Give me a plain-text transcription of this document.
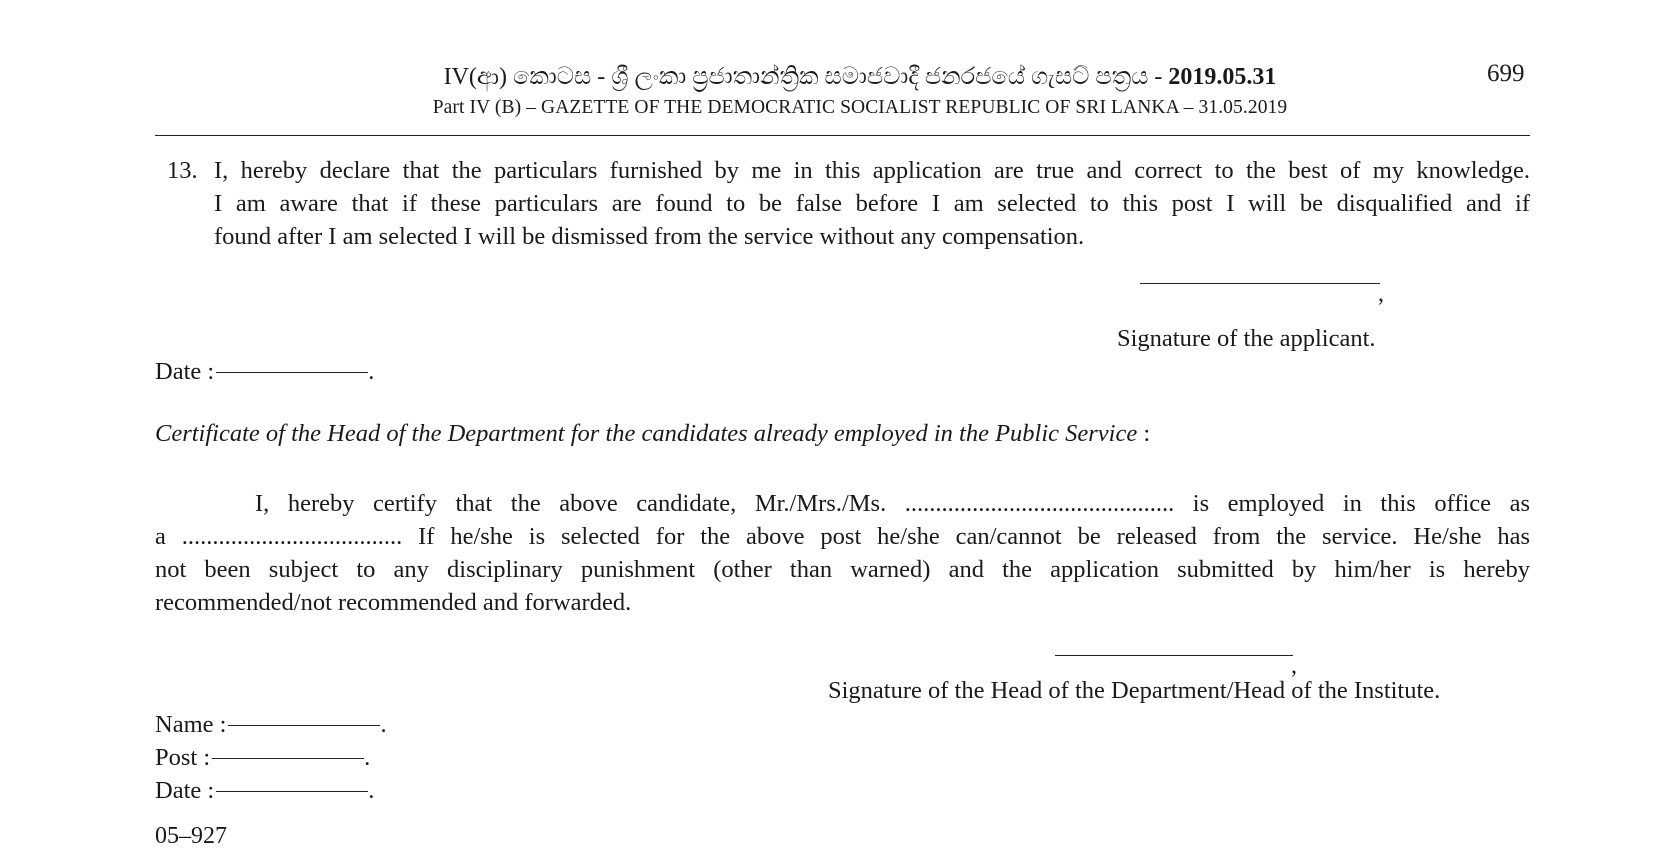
IV(ආ) කොටස - ශ්‍රී ලංකා ප්‍රජාතාන්ත්‍රික සමාජවාදී ජනරජයේ ගැසට් පත්‍රය - 2019.05.31
Part IV (B) – GAZETTE OF THE DEMOCRATIC SOCIALIST REPUBLIC OF SRI LANKA – 31.05.2019
699
13. I, hereby declare that the particulars furnished by me in this application are true and correct to the best of my knowledge.
I am aware that if these particulars are found to be false before I am selected to this post I will be disqualified and if
found after I am selected I will be dismissed from the service without any compensation.
,
Signature of the applicant.
Date :	.
Certificate of the Head of the Department for the candidates already employed in the Public Service :
I, hereby certify that the above candidate, Mr./Mrs./Ms. ............................................ is employed in this office as
a .................................... If he/she is selected for the above post he/she can/cannot be released from the service. He/she has
not been subject to any disciplinary punishment (other than warned) and the application submitted by him/her is hereby
recommended/not recommended and forwarded.
,
Signature of the Head of the Department/Head of the Institute.
Name :	.
Post :	.
Date :	.
05–927
